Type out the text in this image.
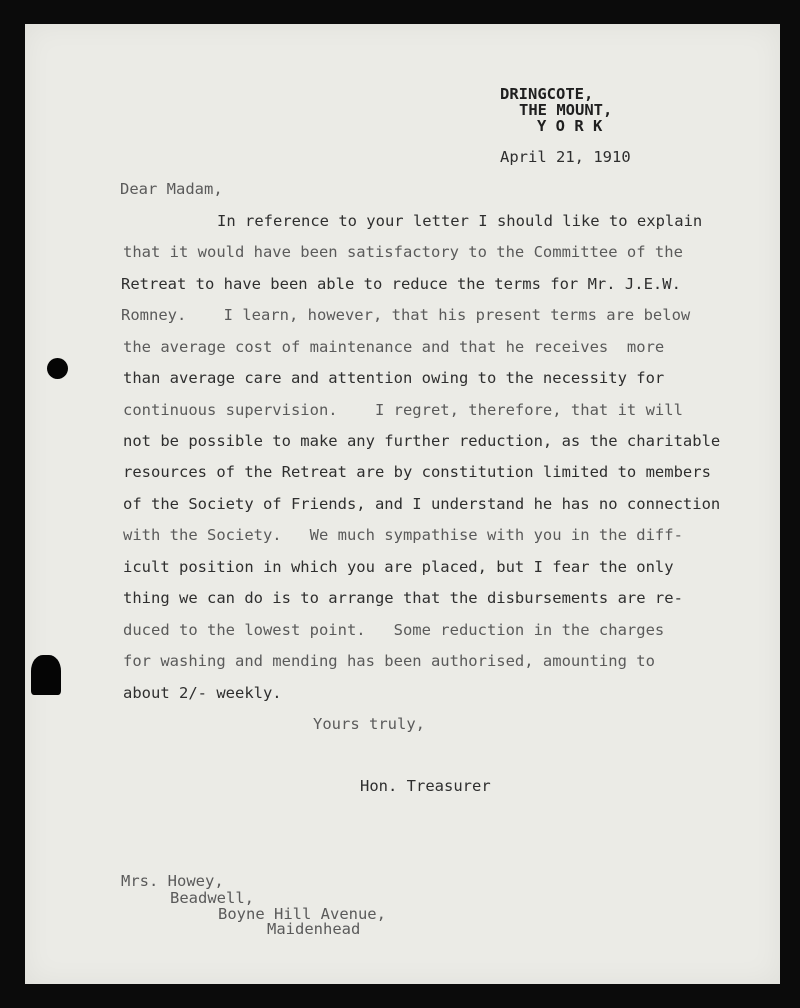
DRINGCOTE,
THE MOUNT,
Y O R K
April 21, 1910
Dear Madam,
In reference to your letter I should like to explain
that it would have been satisfactory to the Committee of the
Retreat to have been able to reduce the terms for Mr. J.E.W.
Romney.    I learn, however, that his present terms are below
the average cost of maintenance and that he receives  more
than average care and attention owing to the necessity for
continuous supervision.    I regret, therefore, that it will
not be possible to make any further reduction, as the charitable
resources of the Retreat are by constitution limited to members
of the Society of Friends, and I understand he has no connection
with the Society.   We much sympathise with you in the diff-
icult position in which you are placed, but I fear the only
thing we can do is to arrange that the disbursements are re-
duced to the lowest point.   Some reduction in the charges
for washing and mending has been authorised, amounting to
about 2/- weekly.
Yours truly,
Hon. Treasurer
Mrs. Howey,
Beadwell,
Boyne Hill Avenue,
Maidenhead
